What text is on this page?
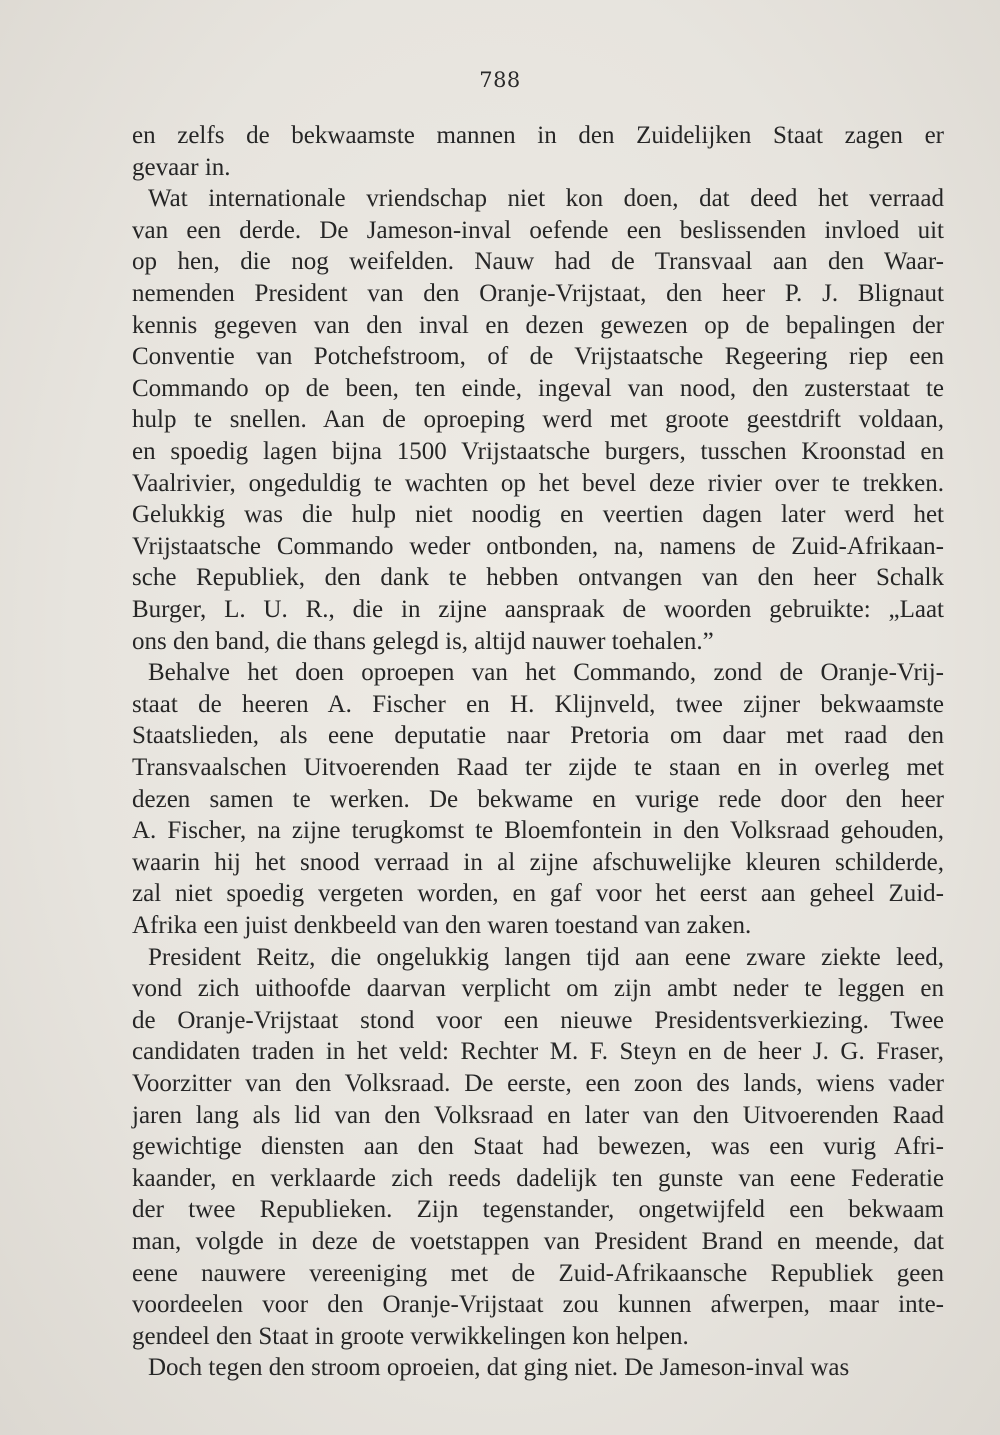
788
en zelfs de bekwaamste mannen in den Zuidelijken Staat zagen er
gevaar in.
Wat internationale vriendschap niet kon doen, dat deed het verraad
van een derde. De Jameson-inval oefende een beslissenden invloed uit
op hen, die nog weifelden. Nauw had de Transvaal aan den Waar-
nemenden President van den Oranje-Vrijstaat, den heer P. J. Blignaut
kennis gegeven van den inval en dezen gewezen op de bepalingen der
Conventie van Potchefstroom, of de Vrijstaatsche Regeering riep een
Commando op de been, ten einde, ingeval van nood, den zusterstaat te
hulp te snellen. Aan de oproeping werd met groote geestdrift voldaan,
en spoedig lagen bijna 1500 Vrijstaatsche burgers, tusschen Kroonstad en
Vaalrivier, ongeduldig te wachten op het bevel deze rivier over te trekken.
Gelukkig was die hulp niet noodig en veertien dagen later werd het
Vrijstaatsche Commando weder ontbonden, na, namens de Zuid-Afrikaan-
sche Republiek, den dank te hebben ontvangen van den heer Schalk
Burger, L. U. R., die in zijne aanspraak de woorden gebruikte: „Laat
ons den band, die thans gelegd is, altijd nauwer toehalen.”
Behalve het doen oproepen van het Commando, zond de Oranje-Vrij-
staat de heeren A. Fischer en H. Klijnveld, twee zijner bekwaamste
Staatslieden, als eene deputatie naar Pretoria om daar met raad den
Transvaalschen Uitvoerenden Raad ter zijde te staan en in overleg met
dezen samen te werken. De bekwame en vurige rede door den heer
A. Fischer, na zijne terugkomst te Bloemfontein in den Volksraad gehouden,
waarin hij het snood verraad in al zijne afschuwelijke kleuren schilderde,
zal niet spoedig vergeten worden, en gaf voor het eerst aan geheel Zuid-
Afrika een juist denkbeeld van den waren toestand van zaken.
President Reitz, die ongelukkig langen tijd aan eene zware ziekte leed,
vond zich uithoofde daarvan verplicht om zijn ambt neder te leggen en
de Oranje-Vrijstaat stond voor een nieuwe Presidentsverkiezing. Twee
candidaten traden in het veld: Rechter M. F. Steyn en de heer J. G. Fraser,
Voorzitter van den Volksraad. De eerste, een zoon des lands, wiens vader
jaren lang als lid van den Volksraad en later van den Uitvoerenden Raad
gewichtige diensten aan den Staat had bewezen, was een vurig Afri-
kaander, en verklaarde zich reeds dadelijk ten gunste van eene Federatie
der twee Republieken. Zijn tegenstander, ongetwijfeld een bekwaam
man, volgde in deze de voetstappen van President Brand en meende, dat
eene nauwere vereeniging met de Zuid-Afrikaansche Republiek geen
voordeelen voor den Oranje-Vrijstaat zou kunnen afwerpen, maar inte-
gendeel den Staat in groote verwikkelingen kon helpen.
Doch tegen den stroom oproeien, dat ging niet. De Jameson-inval was
